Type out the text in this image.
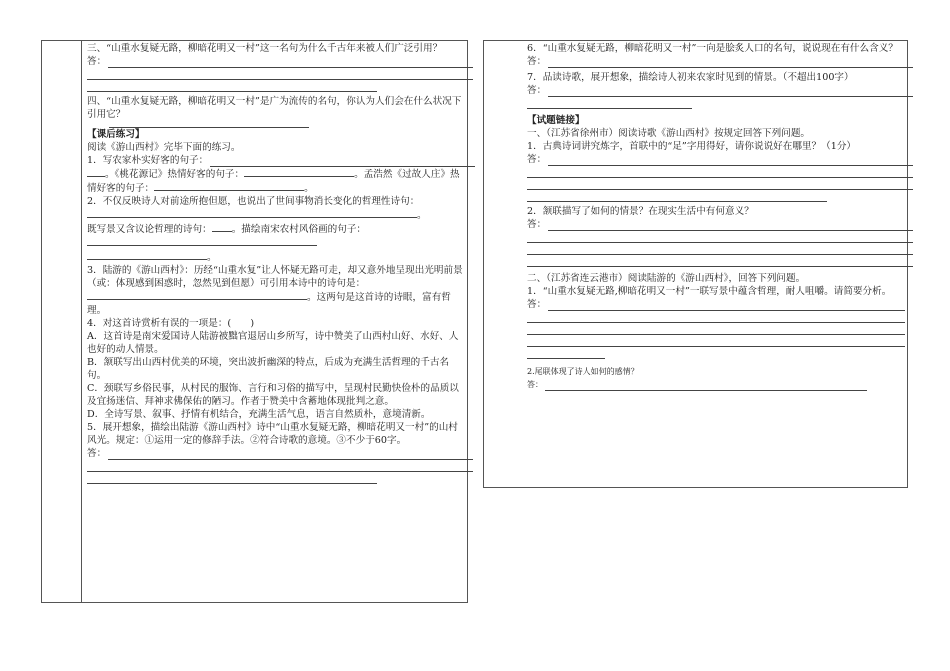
三、“山重水复疑无路，柳暗花明又一村”这一名句为什么千古年来被人们广泛引用？

答：

四、“山重水复疑无路，柳暗花明又一村”是广为流传的名句，你认为人们会在什么状况下引用它？

【课后练习】

阅读《游山西村》完毕下面的练习。

1．写农家朴实好客的句子：

。《桃花源记》热情好客的句子：	。孟浩然《过故人庄》热情好客的句子：	。

2．不仅反映诗人对前途所抱但愿，也说出了世间事物消长变化的哲理性诗句：。

既写景又含议论哲理的诗句： 。描绘南宋农村风俗画的句子：

。

3．陆游的《游山西村》：历经“山重水复”让人怀疑无路可走，却又意外地呈现出光明前景（或：体现感到困惑时，忽然见到但愿）可引用本诗中的诗句是：。这两句是这首诗的诗眼，富有哲理。

4．对这首诗赏析有误的一项是：(　　)

A．这首诗是南宋爱国诗人陆游被黜官退居山乡所写，诗中赞美了山西村山好、水好、人也好的动人情景。

B．颔联写出山西村优美的环境，突出波折幽深的特点，后成为充满生活哲理的千古名句。

C．颈联写乡俗民事，从村民的服饰、言行和习俗的描写中，呈现村民勤快俭朴的品质以及宜扬迷信、拜神求佛保佑的陋习。作者于赞美中含蓄地体现批判之意。

D．全诗写景、叙事、抒情有机结合，充满生活气息，语言自然质朴，意境清新。

5．展开想象，描绘出陆游《游山西村》诗中“山重水复疑无路，柳暗花明又一村”的山村风光。规定：①运用一定的修辞手法。②符合诗歌的意境。③不少于60字。

答：

6．“山重水复疑无路，柳暗花明又一村”一向是脍炙人口的名句，说说现在有什么含义？

答：

7．品读诗歌，展开想象，描绘诗人初来农家时见到的情景。（不超出100字）

答：

【试题链接】

一、（江苏省徐州市）阅读诗歌《游山西村》按规定回答下列问题。

1．古典诗词讲究炼字，首联中的“足”字用得好，请你说说好在哪里？（1分）

答：

2．颔联描写了如何的情景？在现实生活中有何意义？

答：

二、（江苏省连云港市）阅读陆游的《游山西村》，回答下列问题。

1．“山重水复疑无路,柳暗花明又一村”一联写景中蕴含哲理，耐人咀嚼。请简要分析。

答：

2.尾联体现了诗人如何的感情？

答：
